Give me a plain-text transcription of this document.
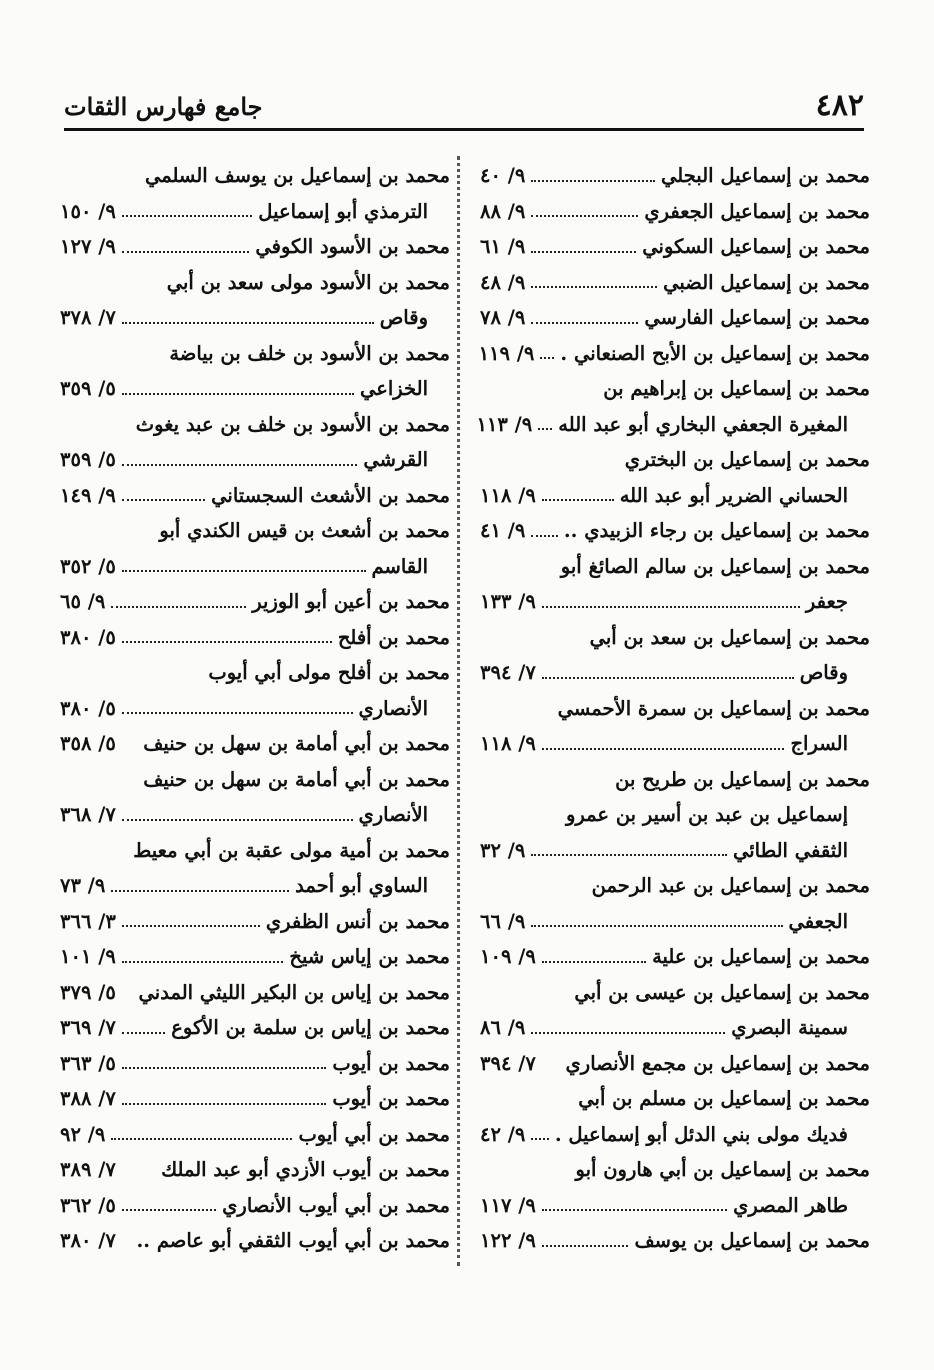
٤٨٢
جامع فهارس الثقات
محمد بن إسماعيل البجلي
٩/ ٤٠
محمد بن إسماعيل الجعفري
٩/ ٨٨
محمد بن إسماعيل السكوني
٩/ ٦١
محمد بن إسماعيل الضبي
٩/ ٤٨
محمد بن إسماعيل الفارسي
٩/ ٧٨
محمد بن إسماعيل بن الأبح الصنعاني .
٩/ ١١٩
محمد بن إسماعيل بن إبراهيم بن
المغيرة الجعفي البخاري أبو عبد الله
٩/ ١١٣
محمد بن إسماعيل بن البختري
الحساني الضرير أبو عبد الله
٩/ ١١٨
محمد بن إسماعيل بن رجاء الزبيدي ..
٩/ ٤١
محمد بن إسماعيل بن سالم الصائغ أبو
جعفر
٩/ ١٣٣
محمد بن إسماعيل بن سعد بن أبي
وقاص
٧/ ٣٩٤
محمد بن إسماعيل بن سمرة الأحمسي
السراج
٩/ ١١٨
محمد بن إسماعيل بن طريح بن
إسماعيل بن عبد بن أسير بن عمرو
الثقفي الطائي
٩/ ٣٢
محمد بن إسماعيل بن عبد الرحمن
الجعفي
٩/ ٦٦
محمد بن إسماعيل بن علية
٩/ ١٠٩
محمد بن إسماعيل بن عيسى بن أبي
سمينة البصري
٩/ ٨٦
محمد بن إسماعيل بن مجمع الأنصاري
٧/ ٣٩٤
محمد بن إسماعيل بن مسلم بن أبي
فديك مولى بني الدئل أبو إسماعيل .
٩/ ٤٢
محمد بن إسماعيل بن أبي هارون أبو
طاهر المصري
٩/ ١١٧
محمد بن إسماعيل بن يوسف
٩/ ١٢٢
محمد بن إسماعيل بن يوسف السلمي
الترمذي أبو إسماعيل
٩/ ١٥٠
محمد بن الأسود الكوفي
٩/ ١٢٧
محمد بن الأسود مولى سعد بن أبي
وقاص
٧/ ٣٧٨
محمد بن الأسود بن خلف بن بياضة
الخزاعي
٥/ ٣٥٩
محمد بن الأسود بن خلف بن عبد يغوث
القرشي
٥/ ٣٥٩
محمد بن الأشعث السجستاني
٩/ ١٤٩
محمد بن أشعث بن قيس الكندي أبو
القاسم
٥/ ٣٥٢
محمد بن أعين أبو الوزير
٩/ ٦٥
محمد بن أفلح
٥/ ٣٨٠
محمد بن أفلح مولى أبي أيوب
الأنصاري
٥/ ٣٨٠
محمد بن أبي أمامة بن سهل بن حنيف
٥/ ٣٥٨
محمد بن أبي أمامة بن سهل بن حنيف
الأنصاري
٧/ ٣٦٨
محمد بن أمية مولى عقبة بن أبي معيط
الساوي أبو أحمد
٩/ ٧٣
محمد بن أنس الظفري
٣/ ٣٦٦
محمد بن إياس شيخ
٩/ ١٠١
محمد بن إياس بن البكير الليثي المدني
٥/ ٣٧٩
محمد بن إياس بن سلمة بن الأكوع
٧/ ٣٦٩
محمد بن أيوب
٥/ ٣٦٣
محمد بن أيوب
٧/ ٣٨٨
محمد بن أبي أيوب
٩/ ٩٢
محمد بن أيوب الأزدي أبو عبد الملك
٧/ ٣٨٩
محمد بن أبي أيوب الأنصاري
٥/ ٣٦٢
محمد بن أبي أيوب الثقفي أبو عاصم ..
٧/ ٣٨٠
